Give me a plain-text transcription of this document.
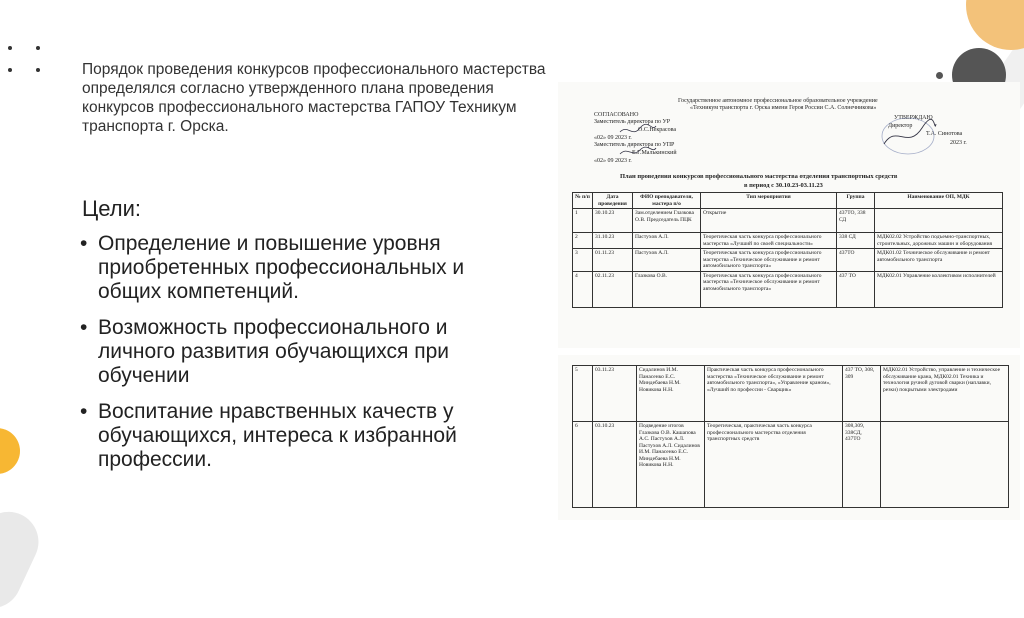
Порядок проведения конкурсов профессионального мастерства определялся согласно утвержденного плана проведения конкурсов профессионального мастерства ГАПОУ Техникум транспорта г. Орска.

Цели:
• Определение и повышение уровня приобретенных профессиональных и общих компетенций.
• Возможность профессионального и личного развития обучающихся при обучении
• Воспитание нравственных качеств у обучающихся, интереса к избранной профессии.
Государственное автономное профессиональное образовательное учреждение
«Техникум транспорта г. Орска имени Героя России С.А. Солнечникова»
СОГЛАСОВАНО
Заместитель директора по УР
О.С.Некрасова
«02» 09 2023 г.
Заместитель директора по УПР
Е.Г.Малькинский
«02» 09 2023 г.
УТВЕРЖДАЮ
Директор
Т.А. Синотова
2023 г.
План проведения конкурсов профессионального мастерства отделения транспортных средств
в период с 30.10.23-03.11.23
№ п/п	Дата проведения	ФИО преподавателя, мастера п/о	Тип мероприятия	Группа	Наименование ОП, МДК
1	30.10.23	Зам.отделением Глазкова О.В. Председатель ПЦК	Открытие	437ТО, 338 СД	
2	31.10.23	Пастухов А.Л.	Теоретическая часть конкурса профессионального мастерства «Лучший по своей специальности»	338 СД	МДК02.02 Устройство подъемно-транспортных, строительных, дорожных машин и оборудования
3	01.11.23	Пастухов А.Л.	Теоретическая часть конкурса профессионального мастерства «Техническое обслуживание и ремонт автомобильного транспорта»	437ТО	МДК01.02 Техническое обслуживание и ремонт автомобильного транспорта
4	02.11.23	Глазкова О.В.	Теоретическая часть конкурса профессионального мастерства «Техническое обслуживание и ремонт автомобильного транспорта»	437 ТО	МДК02.01 Управление коллективом исполнителей
5	03.11.23	Сидалинов И.М. Панасенко Е.С. Миндебаева Н.М. Новикова Н.Н.	Практическая часть конкурса профессионального мастерства «Техническое обслуживание и ремонт автомобильного транспорта», «Управление краном», «Лучший по профессии - Сварщик»	437 ТО, 308, 309	МДК02.01 Устройство, управление и техническое обслуживание крана, МДК02.01 Техника и технология ручной дуговой сварки (наплавки, резки) покрытыми электродами
6	03.10.23	Подведение итогов Глазкова О.В. Кашапова А.С. Пастухов А.Л. Пастухов А.Л. Сидалинов И.М. Панасенко Е.С. Миндебаева Н.М. Новикова Н.Н.	Теоретическая, практическая часть конкурса профессионального мастерства отделения транспортных средств	308,309, 338СД, 437ТО	
